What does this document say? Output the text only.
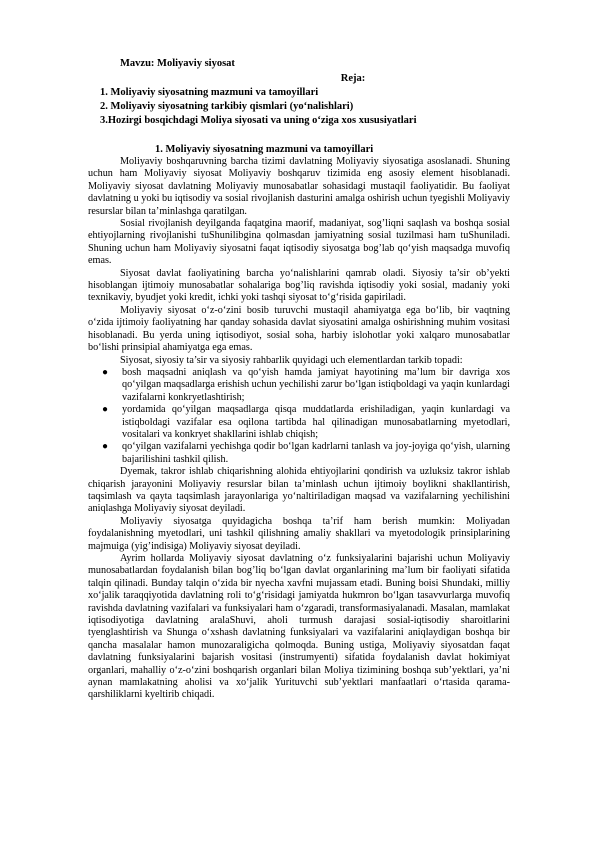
Mavzu: Moliyaviy siyosat
Reja:
1. Moliyaviy siyosatning mazmuni va tamoyillari
2. Moliyaviy siyosatning tarkibiy qismlari (yo‘nalishlari)
3.Hozirgi bosqichdagi Moliya siyosati va uning o‘ziga xos xususiyatlari
1. Moliyaviy siyosatning mazmuni va tamoyillari

Moliyaviy boshqaruvning barcha tizimi davlatning Moliyaviy siyosatiga asoslanadi. Shuning uchun ham Moliyaviy siyosat Moliyaviy boshqaruv tizimida eng asosiy element hisoblanadi. Moliyaviy siyosat davlatning Moliyaviy munosabatlar sohasidagi mustaqil faoliyatidir. Bu faoliyat davlatning u yoki bu iqtisodiy va sosial rivojlanish dasturini amalga oshirish uchun tyegishli Moliyaviy resurslar bilan ta’minlashga qaratilgan.

Sosial rivojlanish deyilganda faqatgina maorif, madaniyat, sog’liqni saqlash va boshqa sosial ehtiyojlarning rivojlanishi tuShunilibgina qolmasdan jamiyatning sosial tuzilmasi ham tuShuniladi. Shuning uchun ham Moliyaviy siyosatni faqat iqtisodiy siyosatga bog’lab qo‘yish maqsadga muvofiq emas.

Siyosat davlat faoliyatining barcha yo‘nalishlarini qamrab oladi. Siyosiy ta’sir ob’yekti hisoblangan ijtimoiy munosabatlar sohalariga bog’liq ravishda iqtisodiy yoki sosial, madaniy yoki texnikaviy, byudjet yoki kredit, ichki yoki tashqi siyosat to‘g‘risida gapiriladi.

Moliyaviy siyosat o‘z-o‘zini bosib turuvchi mustaqil ahamiyatga ega bo‘lib, bir vaqtning o‘zida ijtimoiy faoliyatning har qanday sohasida davlat siyosatini amalga oshirishning muhim vositasi hisoblanadi. Bu yerda uning iqtisodiyot, sosial soha, harbiy islohotlar yoki xalqaro munosabatlar bo‘lishi prinsipial ahamiyatga ega emas.

Siyosat, siyosiy ta’sir va siyosiy rahbarlik quyidagi uch elementlardan tarkib topadi:

● bosh maqsadni aniqlash va qo‘yish hamda jamiyat hayotining ma’lum bir davriga xos qo‘yilgan maqsadlarga erishish uchun yechilishi zarur bo‘lgan istiqboldagi va yaqin kunlardagi vazifalarni konkryetlashtirish;
● yordamida qo‘yilgan maqsadlarga qisqa muddatlarda erishiladigan, yaqin kunlardagi va istiqboldagi vazifalar esa oqilona tartibda hal qilinadigan munosabatlarning myetodlari, vositalari va konkryet shakllarini ishlab chiqish;
● qo‘yilgan vazifalarni yechishga qodir bo‘lgan kadrlarni tanlash va joy-joyiga qo‘yish, ularning bajarilishini tashkil qilish.

Dyemak, takror ishlab chiqarishning alohida ehtiyojlarini qondirish va uzluksiz takror ishlab chiqarish jarayonini Moliyaviy resurslar bilan ta’minlash uchun ijtimoiy boylikni shakllantirish, taqsimlash va qayta taqsimlash jarayonlariga yo‘naltiriladigan maqsad va vazifalarning yechilishini aniqlashga Moliyaviy siyosat deyiladi.

Moliyaviy siyosatga quyidagicha boshqa ta’rif ham berish mumkin: Moliyadan foydalanishning myetodlari, uni tashkil qilishning amaliy shakllari va myetodologik prinsiplarining majmuiga (yig’indisiga) Moliyaviy siyosat deyiladi.

Ayrim hollarda Moliyaviy siyosat davlatning o‘z funksiyalarini bajarishi uchun Moliyaviy munosabatlardan foydalanish bilan bog’liq bo‘lgan davlat organlarining ma’lum bir faoliyati sifatida talqin qilinadi. Bunday talqin o‘zida bir nyecha xavfni mujassam etadi. Buning boisi Shundaki, milliy xo‘jalik taraqqiyotida davlatning roli to‘g‘risidagi jamiyatda hukmron bo‘lgan tasavvurlarga muvofiq ravishda davlatning vazifalari va funksiyalari ham o‘zgaradi, transformasiyalanadi. Masalan, mamlakat iqtisodiyotiga davlatning aralaShuvi, aholi turmush darajasi sosial-iqtisodiy sharoitlarini tyenglashtirish va Shunga o‘xshash davlatning funksiyalari va vazifalarini aniqlaydigan boshqa bir qancha masalalar hamon munozaraligicha qolmoqda. Buning ustiga, Moliyaviy siyosatdan faqat davlatning funksiyalarini bajarish vositasi (instrumyenti) sifatida foydalanish davlat hokimiyat organlari, mahalliy o‘z-o‘zini boshqarish organlari bilan Moliya tizimining boshqa sub’yektlari, ya’ni aynan mamlakatning aholisi va xo‘jalik Yurituvchi sub’yektlari manfaatlari o‘rtasida qarama-qarshiliklarni kyeltirib chiqadi.
